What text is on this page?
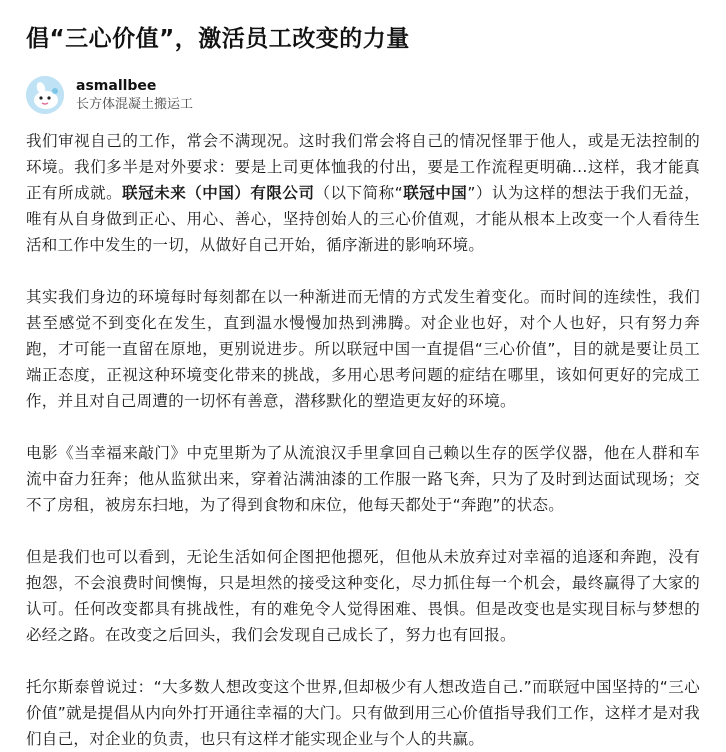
倡“三心价值”，激活员工改变的力量
asmallbee
长方体混凝土搬运工

我们审视自己的工作，常会不满现况。这时我们常会将自己的情况怪罪于他人，或是无法控制的环境。我们多半是对外要求：要是上司更体恤我的付出，要是工作流程更明确...这样，我才能真正有所成就。联冠未来（中国）有限公司（以下简称“联冠中国”）认为这样的想法于我们无益，唯有从自身做到正心、用心、善心，坚持创始人的三心价值观，才能从根本上改变一个人看待生活和工作中发生的一切，从做好自己开始，循序渐进的影响环境。

其实我们身边的环境每时每刻都在以一种渐进而无情的方式发生着变化。而时间的连续性，我们甚至感觉不到变化在发生，直到温水慢慢加热到沸腾。对企业也好，对个人也好，只有努力奔跑，才可能一直留在原地，更别说进步。所以联冠中国一直提倡“三心价值”，目的就是要让员工端正态度，正视这种环境变化带来的挑战，多用心思考问题的症结在哪里，该如何更好的完成工作，并且对自己周遭的一切怀有善意，潜移默化的塑造更友好的环境。

电影《当幸福来敲门》中克里斯为了从流浪汉手里拿回自己赖以生存的医学仪器，他在人群和车流中奋力狂奔；他从监狱出来，穿着沾满油漆的工作服一路飞奔，只为了及时到达面试现场；交不了房租，被房东扫地，为了得到食物和床位，他每天都处于“奔跑”的状态。

但是我们也可以看到，无论生活如何企图把他摁死，但他从未放弃过对幸福的追逐和奔跑，没有抱怨，不会浪费时间懊悔，只是坦然的接受这种变化，尽力抓住每一个机会，最终赢得了大家的认可。任何改变都具有挑战性，有的难免令人觉得困难、畏惧。但是改变也是实现目标与梦想的必经之路。在改变之后回头，我们会发现自己成长了，努力也有回报。

托尔斯泰曾说过：“大多数人想改变这个世界,但却极少有人想改造自己.”而联冠中国坚持的“三心价值”就是提倡从内向外打开通往幸福的大门。只有做到用三心价值指导我们工作，这样才是对我们自己，对企业的负责，也只有这样才能实现企业与个人的共赢。
